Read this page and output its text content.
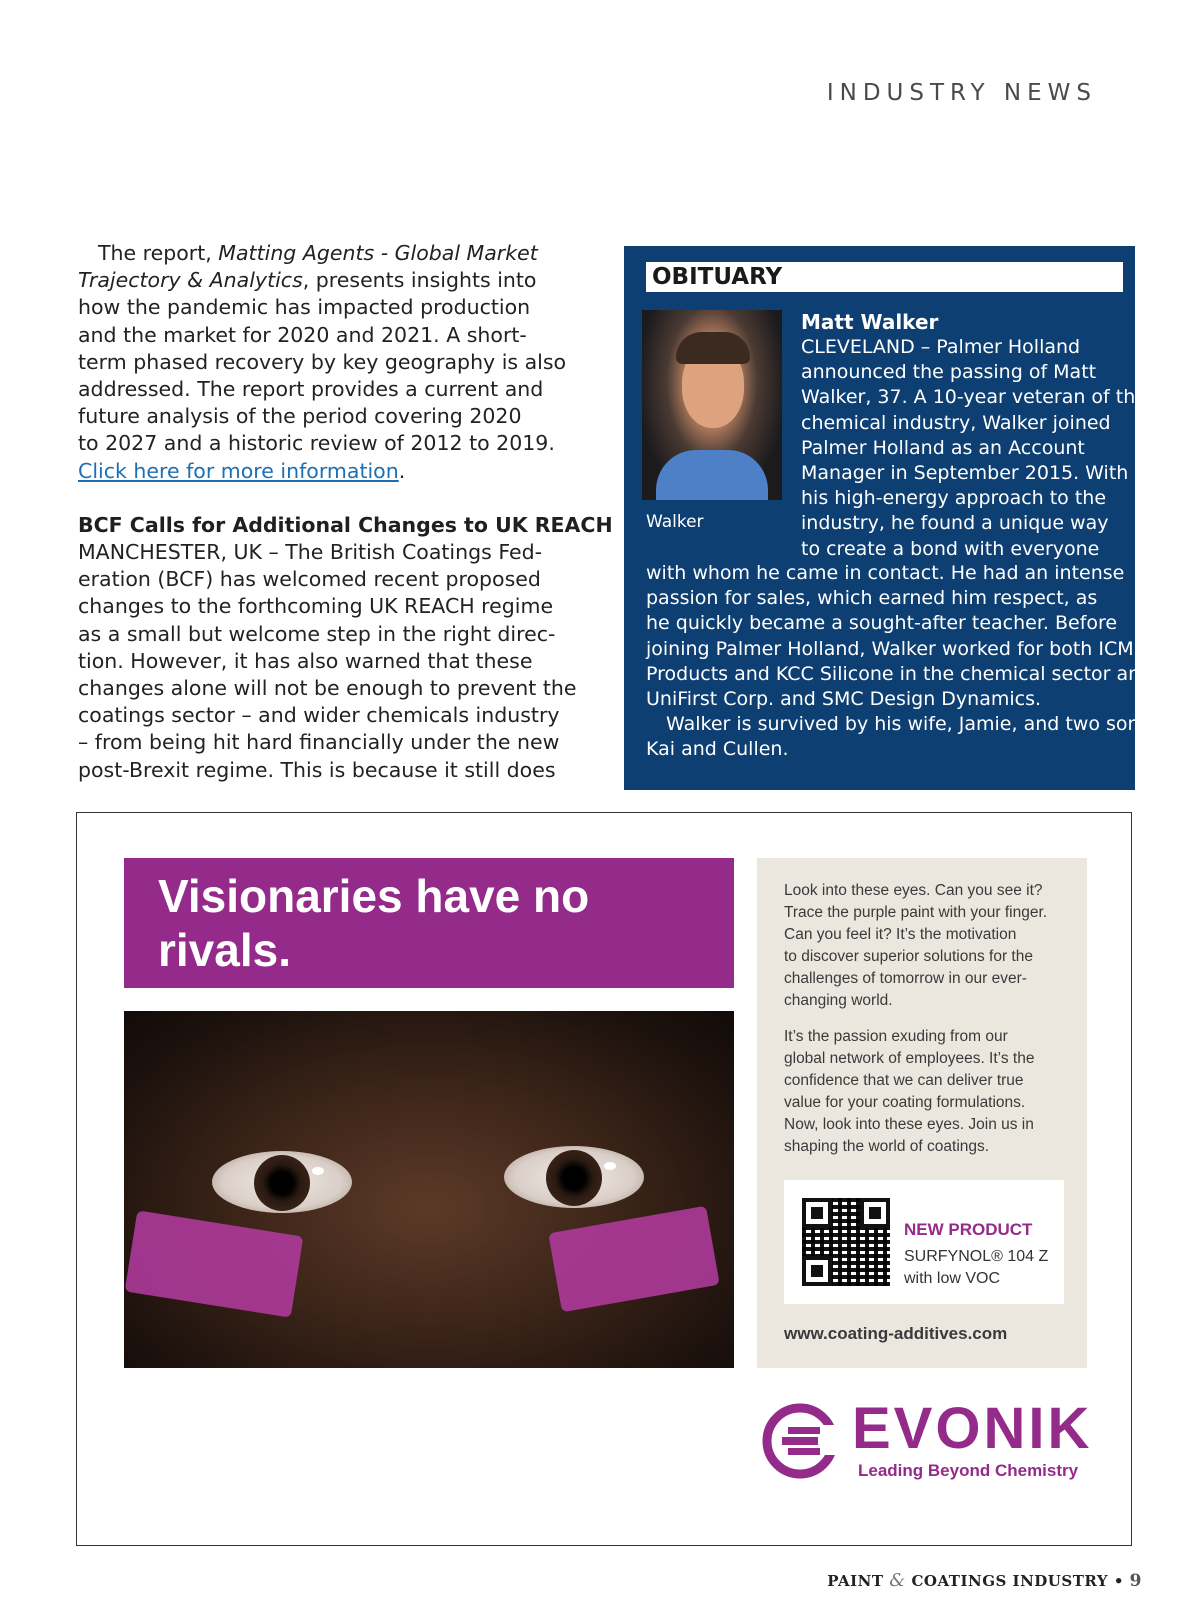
INDUSTRY NEWS

The report, Matting Agents - Global Market
Trajectory & Analytics, presents insights into
how the pandemic has impacted production
and the market for 2020 and 2021. A short-
term phased recovery by key geography is also
addressed. The report provides a current and
future analysis of the period covering 2020
to 2027 and a historic review of 2012 to 2019.
Click here for more information.

BCF Calls for Additional Changes to UK REACH
MANCHESTER, UK – The British Coatings Fed-
eration (BCF) has welcomed recent proposed
changes to the forthcoming UK REACH regime
as a small but welcome step in the right direc-
tion. However, it has also warned that these
changes alone will not be enough to prevent the
coatings sector – and wider chemicals industry
– from being hit hard financially under the new
post-Brexit regime. This is because it still does

OBITUARY
Walker
Matt Walker
CLEVELAND – Palmer Holland
announced the passing of Matt
Walker, 37. A 10-year veteran of the
chemical industry, Walker joined
Palmer Holland as an Account
Manager in September 2015. With
his high-energy approach to the
industry, he found a unique way
to create a bond with everyone
with whom he came in contact. He had an intense
passion for sales, which earned him respect, as
he quickly became a sought-after teacher. Before
joining Palmer Holland, Walker worked for both ICM
Products and KCC Silicone in the chemical sector and
UniFirst Corp. and SMC Design Dynamics.
Walker is survived by his wife, Jamie, and two sons,
Kai and Cullen.
Visionaries have no rivals.

Look into these eyes. Can you see it?
Trace the purple paint with your finger.
Can you feel it? It’s the motivation
to discover superior solutions for the
challenges of tomorrow in our ever-
changing world.

It’s the passion exuding from our
global network of employees. It’s the
confidence that we can deliver true
value for your coating formulations.
Now, look into these eyes. Join us in
shaping the world of coatings.

NEW PRODUCT
SURFYNOL® 104 Z
with low VOC
www.coating-additives.com
EVONIK
Leading Beyond Chemistry
PAINT & COATINGS INDUSTRY • 9
